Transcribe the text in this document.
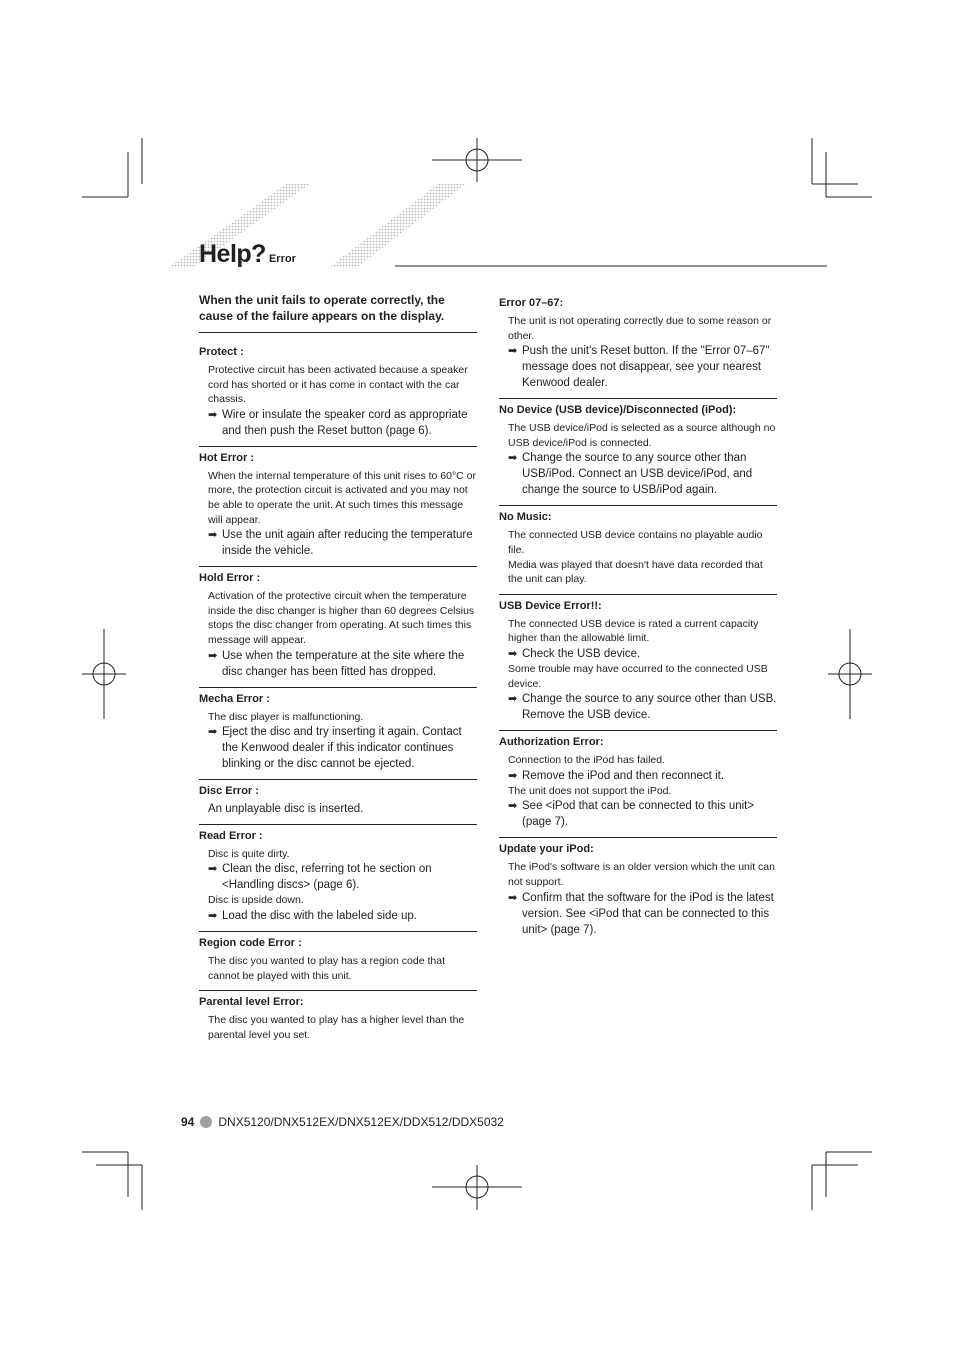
Help? Error
When the unit fails to operate correctly, the cause of the failure appears on the display.
Protect :
Protective circuit has been activated because a speaker cord has shorted or it has come in contact with the car chassis.
➡ Wire or insulate the speaker cord as appropriate and then push the Reset button (page 6).
Hot Error :
When the internal temperature of this unit rises to 60°C or more, the protection circuit is activated and you may not be able to operate the unit. At such times this message will appear.
➡ Use the unit again after reducing the temperature inside the vehicle.
Hold Error :
Activation of the protective circuit when the temperature inside the disc changer is higher than 60 degrees Celsius stops the disc changer from operating. At such times this message will appear.
➡ Use when the temperature at the site where the disc changer has been fitted has dropped.
Mecha Error :
The disc player is malfunctioning.
➡ Eject the disc and try inserting it again. Contact the Kenwood dealer if this indicator continues blinking or the disc cannot be ejected.
Disc Error :
An unplayable disc is inserted.
Read Error :
Disc is quite dirty.
➡ Clean the disc, referring tot he section on <Handling discs> (page 6).
Disc is upside down.
➡ Load the disc with the labeled side up.
Region code Error :
The disc you wanted to play has a region code that cannot be played with this unit.
Parental level Error:
The disc you wanted to play has a higher level than the parental level you set.
Error 07–67:
The unit is not operating correctly due to some reason or other.
➡ Push the unit's Reset button. If the "Error 07–67" message does not disappear, see your nearest Kenwood dealer.
No Device (USB device)/Disconnected (iPod):
The USB device/iPod is selected as a source although no USB device/iPod is connected.
➡ Change the source to any source other than USB/iPod. Connect an USB device/iPod, and change the source to USB/iPod again.
No Music:
The connected USB device contains no playable audio file.
Media was played that doesn't have data recorded that the unit can play.
USB Device Error!!:
The connected USB device is rated a current capacity higher than the allowable limit.
➡ Check the USB device.
Some trouble may have occurred to the connected USB device.
➡ Change the source to any source other than USB. Remove the USB device.
Authorization Error:
Connection to the iPod has failed.
➡ Remove the iPod and then reconnect it.
The unit does not support the iPod.
➡ See <iPod that can be connected to this unit> (page 7).
Update your iPod:
The iPod's software is an older version which the unit can not support.
➡ Confirm that the software for the iPod is the latest version. See <iPod that can be connected to this unit> (page 7).
94 DNX5120/DNX512EX/DNX512EX/DDX512/DDX5032
